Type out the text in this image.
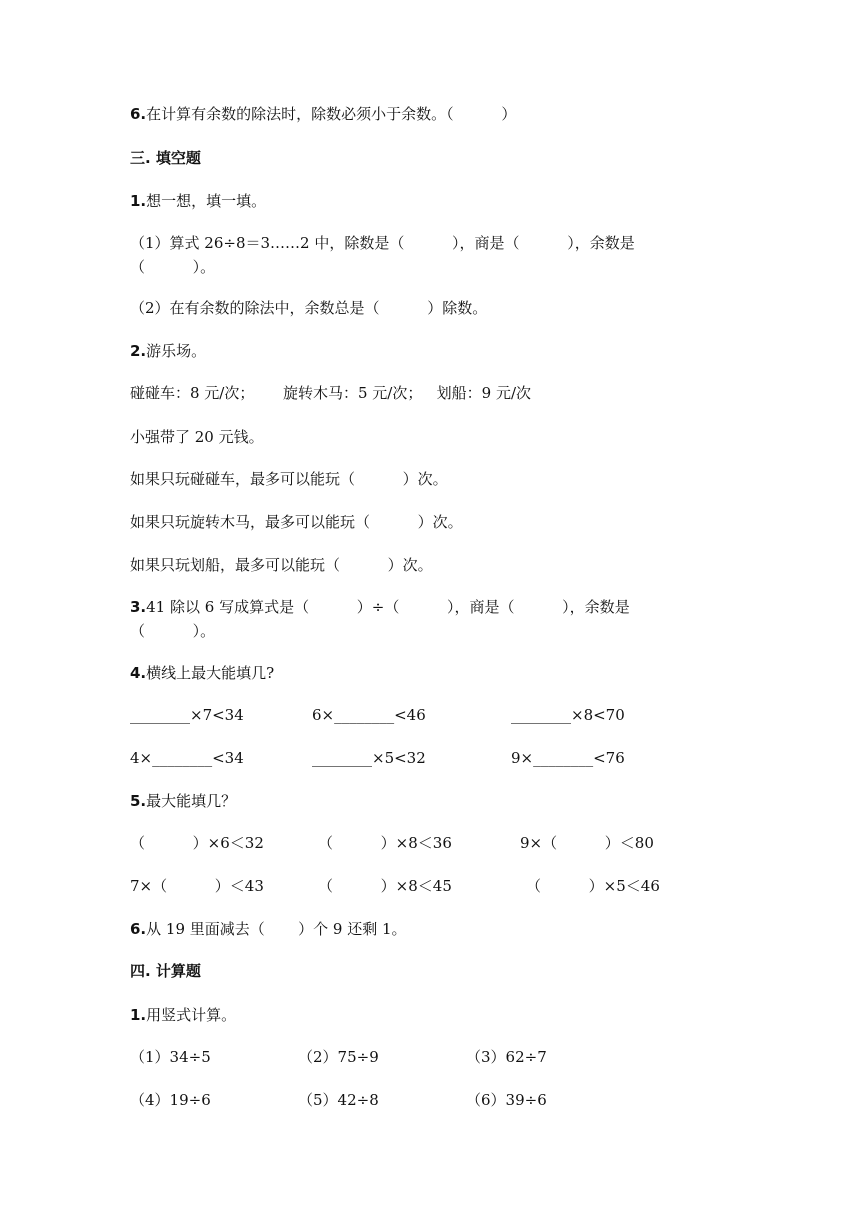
6.在计算有余数的除法时，除数必须小于余数。（          ）
三. 填空题
1.想一想，填一填。
（1）算式 26÷8＝3……2 中，除数是（          ），商是（          ），余数是
（          ）。
（2）在有余数的除法中，余数总是（          ）除数。
2.游乐场。
碰碰车：8 元/次；      旋转木马：5 元/次；   划船：9 元/次
小强带了 20 元钱。
如果只玩碰碰车，最多可以能玩（          ）次。
如果只玩旋转木马，最多可以能玩（          ）次。
如果只玩划船，最多可以能玩（          ）次。
3.41 除以 6 写成算式是（          ）÷（          ），商是（          ），余数是
（          ）。
4.横线上最大能填几?
________×7<34	6×________<46	________×8<70
4×________<34	________×5<32	9×________<76
5.最大能填几？
（          ）×6＜32	（          ）×8＜36	9×（          ）＜80
7×（          ）＜43	（          ）×8＜45	（          ）×5＜46
6.从 19 里面减去（       ）个 9 还剩 1。
四. 计算题
1.用竖式计算。
（1）34÷5	（2）75÷9	（3）62÷7
（4）19÷6	（5）42÷8	（6）39÷6
